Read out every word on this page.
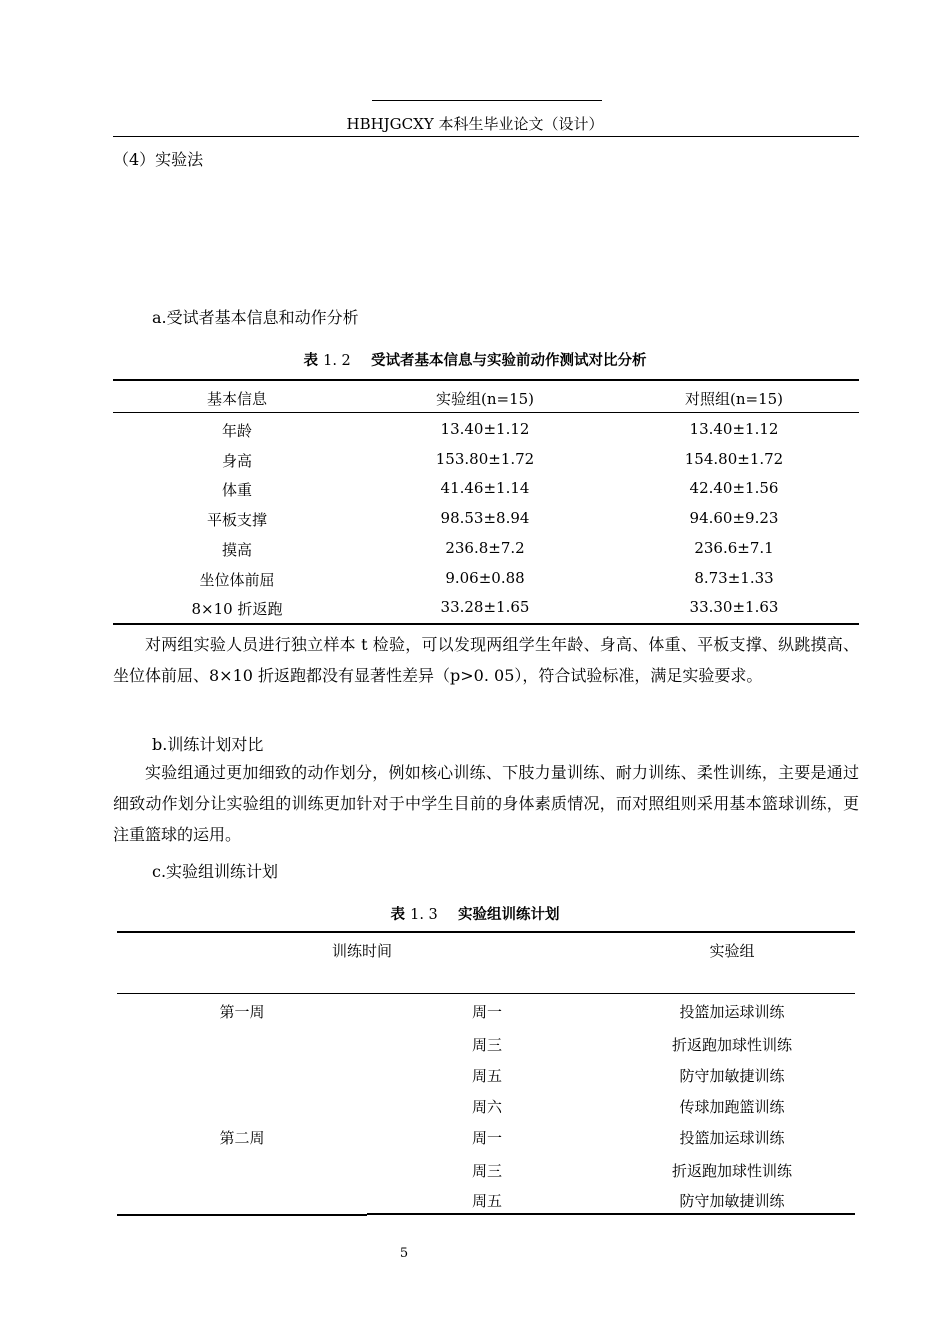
HBHJGCXY 本科生毕业论文（设计）
（4）实验法
a.受试者基本信息和动作分析
表 1. 2 受试者基本信息与实验前动作测试对比分析
基本信息	实验组(n=15)	对照组(n=15)
年龄	13.40±1.12	13.40±1.12
身高	153.80±1.72	154.80±1.72
体重	41.46±1.14	42.40±1.56
平板支撑	98.53±8.94	94.60±9.23
摸高	236.8±7.2	236.6±7.1
坐位体前屈	9.06±0.88	8.73±1.33
8×10 折返跑	33.28±1.65	33.30±1.63

对两组实验人员进行独立样本 t 检验，可以发现两组学生年龄、身高、体重、平板支撑、纵跳摸高、坐位体前屈、8×10 折返跑都没有显著性差异（p>0. 05），符合试验标准，满足实验要求。

b.训练计划对比

实验组通过更加细致的动作划分，例如核心训练、下肢力量训练、耐力训练、柔性训练，主要是通过细致动作划分让实验组的训练更加针对于中学生目前的身体素质情况，而对照组则采用基本篮球训练，更注重篮球的运用。

c.实验组训练计划
表 1. 3 实验组训练计划
训练时间	实验组
第一周	周一	投篮加运球训练
周三	折返跑加球性训练
周五	防守加敏捷训练
周六	传球加跑篮训练
第二周	周一	投篮加运球训练
周三	折返跑加球性训练
周五	防守加敏捷训练
5
